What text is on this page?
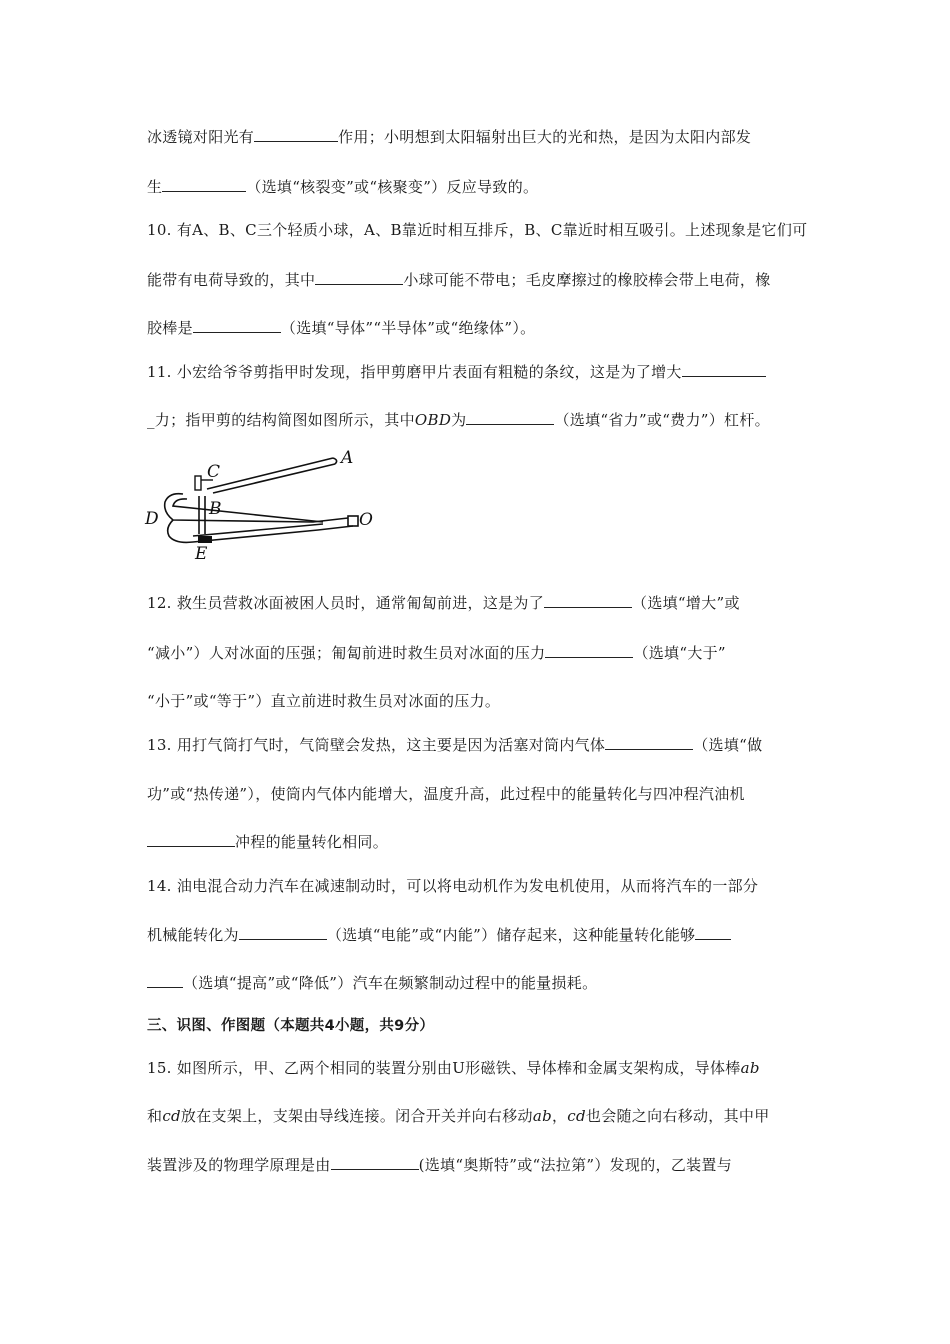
冰透镜对阳光有	作用；小明想到太阳辐射出巨大的光和热，是因为太阳内部发
生	（选填“核裂变”或“核聚变”）反应导致的。
10. 有A、B、C三个轻质小球，A、B靠近时相互排斥，B、C靠近时相互吸引。上述现象是它们可
能带有电荷导致的，其中	小球可能不带电；毛皮摩擦过的橡胶棒会带上电荷，橡
胶棒是	（选填“导体”“半导体”或“绝缘体”）。
11. 小宏给爷爷剪指甲时发现，指甲剪磨甲片表面有粗糙的条纹，这是为了增大
_力；指甲剪的结构简图如图所示，其中OBD为	（选填“省力”或“费力”）杠杆。
A
C
B
D	O
E
12. 救生员营救冰面被困人员时，通常匍匐前进，这是为了	（选填“增大”或
“减小”）人对冰面的压强；匍匐前进时救生员对冰面的压力	（选填“大于”
“小于”或“等于”）直立前进时救生员对冰面的压力。
13. 用打气筒打气时，气筒壁会发热，这主要是因为活塞对筒内气体	（选填“做
功”或“热传递”），使筒内气体内能增大，温度升高，此过程中的能量转化与四冲程汽油机
冲程的能量转化相同。
14. 油电混合动力汽车在减速制动时，可以将电动机作为发电机使用，从而将汽车的一部分
机械能转化为	（选填“电能”或“内能”）储存起来，这种能量转化能够
（选填“提高”或“降低”）汽车在频繁制动过程中的能量损耗。
三、识图、作图题（本题共4小题，共9分）
15. 如图所示，甲、乙两个相同的装置分别由U形磁铁、导体棒和金属支架构成，导体棒ab
和cd放在支架上，支架由导线连接。闭合开关并向右移动ab，cd也会随之向右移动，其中甲
装置涉及的物理学原理是由	(选填“奥斯特”或“法拉第”）发现的，乙装置与
